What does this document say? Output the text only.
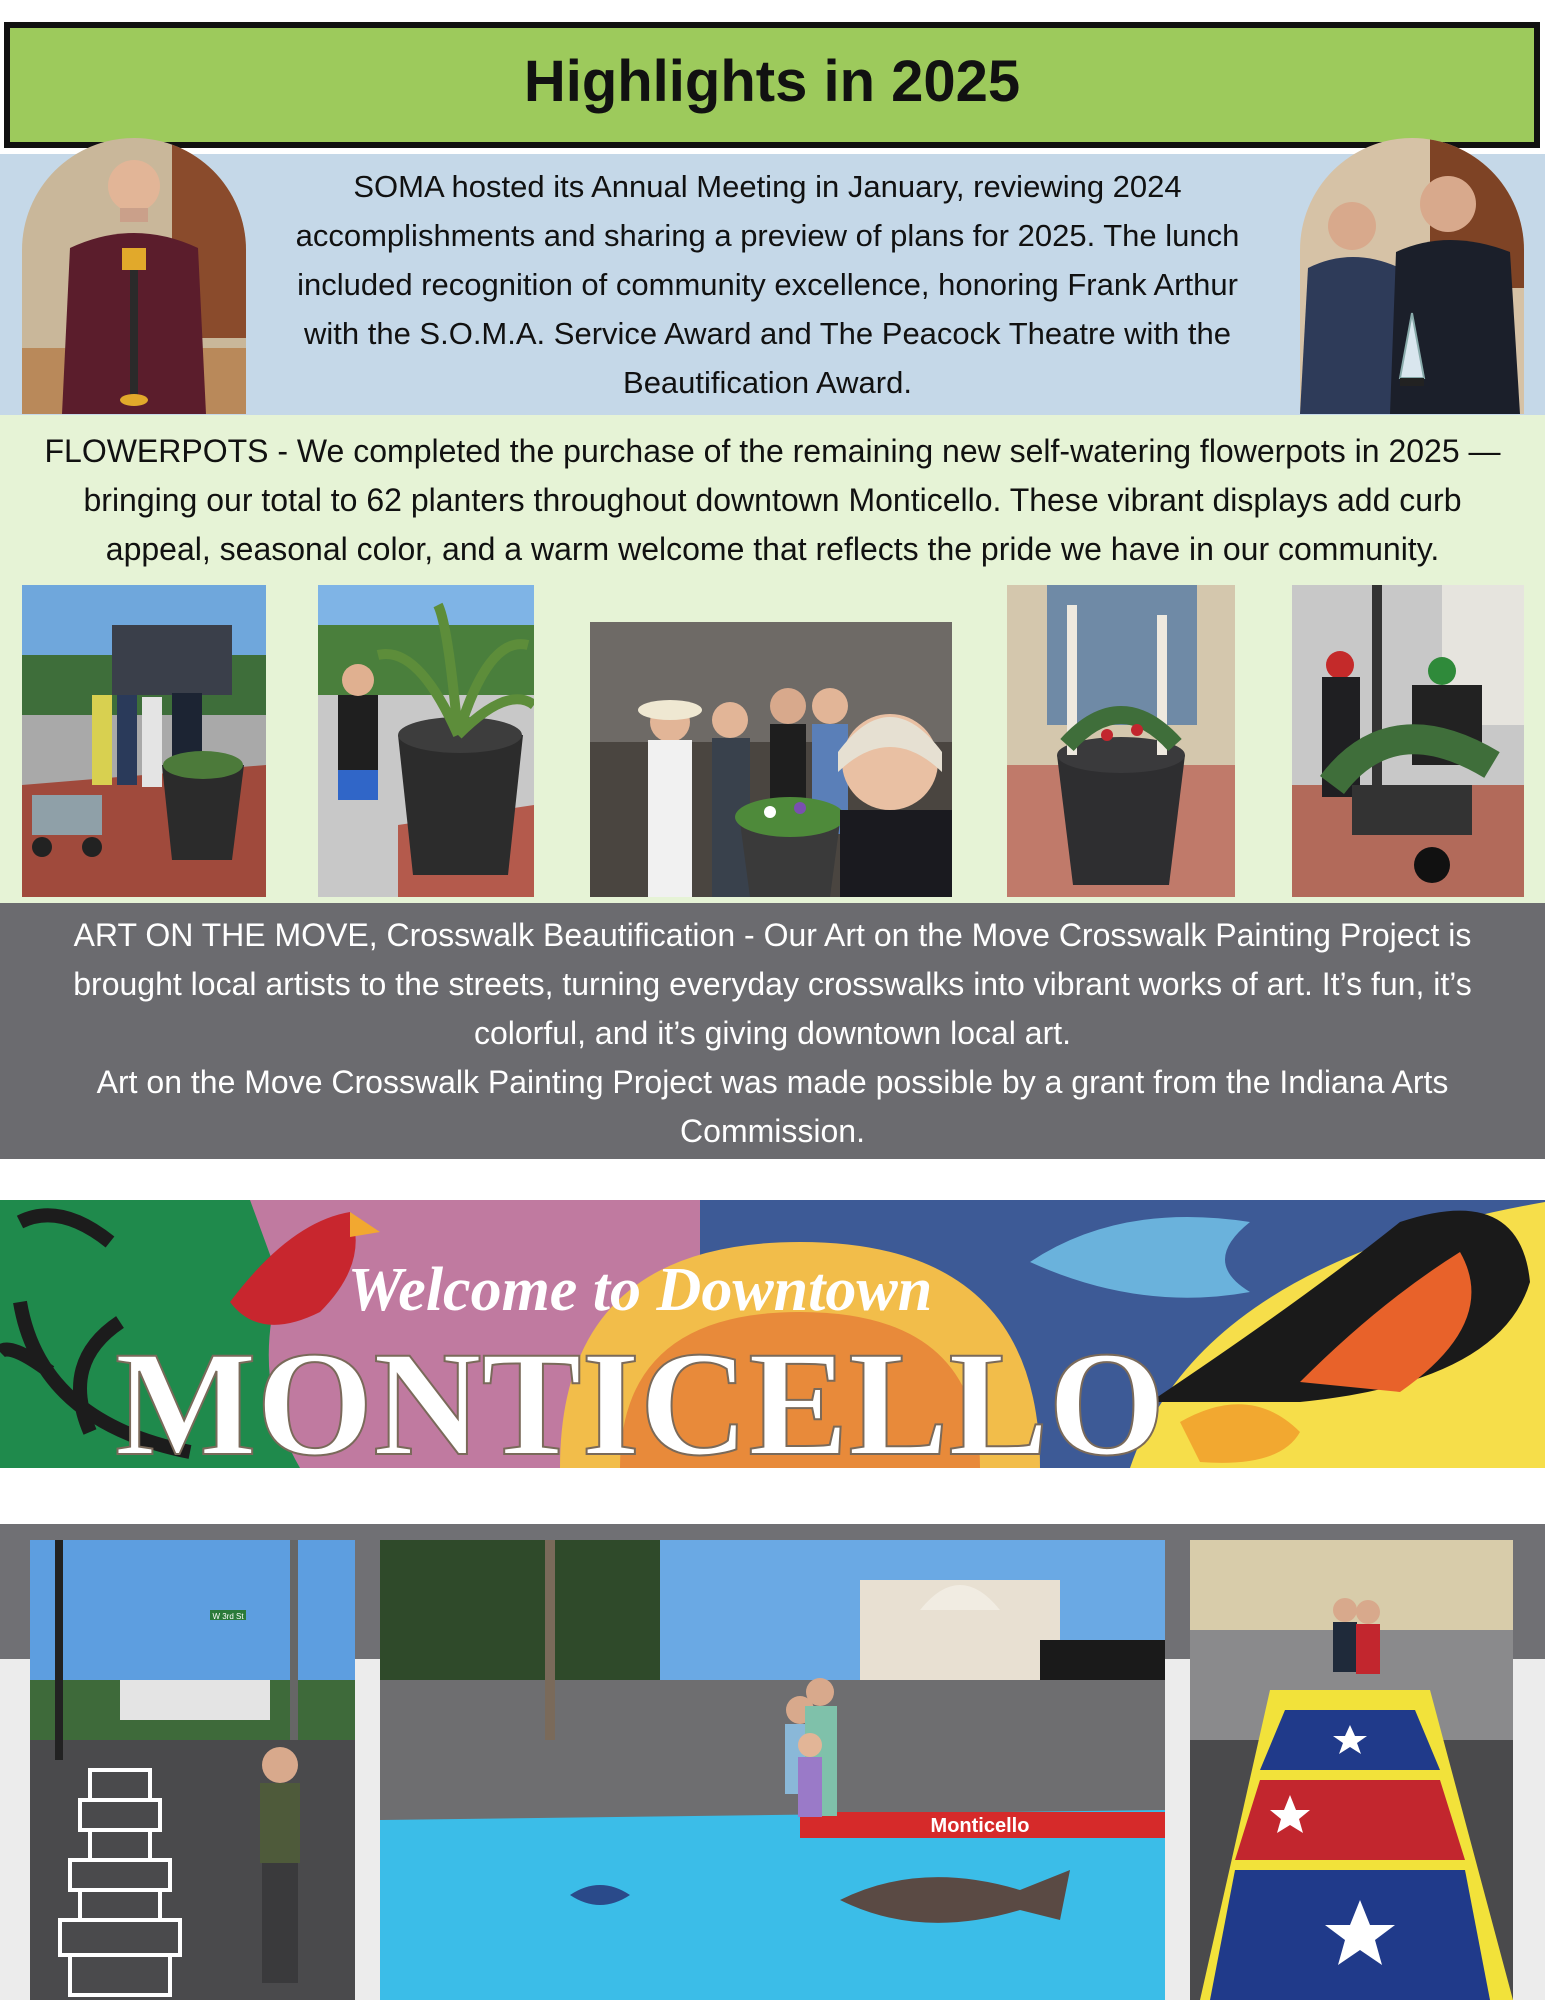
Highlights in 2025
SOMA hosted its Annual Meeting in January, reviewing 2024 accomplishments and sharing a preview of plans for 2025. The lunch included recognition of community excellence, honoring Frank Arthur with the S.O.M.A. Service Award and The Peacock Theatre with the Beautification Award.
FLOWERPOTS - We completed the purchase of the remaining new self-watering flowerpots in 2025 — bringing our total to 62 planters throughout downtown Monticello. These vibrant displays add curb appeal, seasonal color, and a warm welcome that reflects the pride we have in our community.

ART ON THE MOVE, Crosswalk Beautification - Our Art on the Move Crosswalk Painting Project is brought local artists to the streets, turning everyday crosswalks into vibrant works of art. It’s fun, it’s colorful, and it’s giving downtown local art.

Art on the Move Crosswalk Painting Project was made possible by a grant from the Indiana Arts Commission.

Welcome to Downtown
MONTICELLO
W 3rd St
Monticello
